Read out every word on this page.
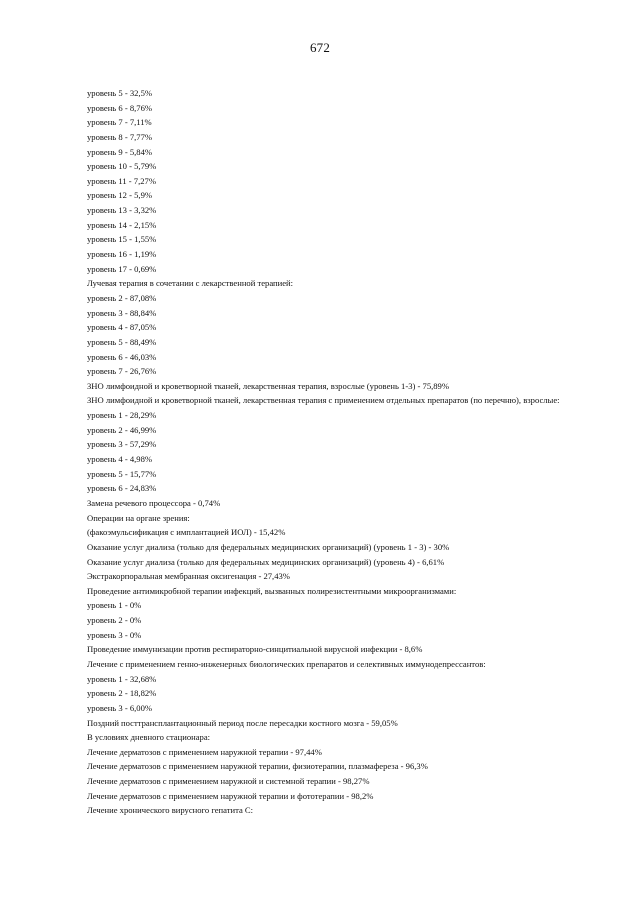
672
уровень 5 - 32,5%
уровень 6 - 8,76%
уровень 7 - 7,11%
уровень 8 - 7,77%
уровень 9 - 5,84%
уровень 10 - 5,79%
уровень 11 - 7,27%
уровень 12 - 5,9%
уровень 13 - 3,32%
уровень 14 - 2,15%
уровень 15 - 1,55%
уровень 16 - 1,19%
уровень 17 - 0,69%
Лучевая терапия в сочетании с лекарственной терапией:
уровень 2 - 87,08%
уровень 3 - 88,84%
уровень 4 - 87,05%
уровень 5 - 88,49%
уровень 6 - 46,03%
уровень 7 - 26,76%
ЗНО лимфоидной и кроветворной тканей, лекарственная терапия, взрослые (уровень 1-3) - 75,89%
ЗНО лимфоидной и кроветворной тканей, лекарственная терапия с применением отдельных препаратов (по перечню), взрослые:
уровень 1 - 28,29%
уровень 2 - 46,99%
уровень 3 - 57,29%
уровень 4 - 4,98%
уровень 5 - 15,77%
уровень 6 - 24,83%
Замена речевого процессора - 0,74%
Операции на органе зрения:
(факоэмульсификация с имплантацией ИОЛ) - 15,42%
Оказание услуг диализа (только для федеральных медицинских организаций) (уровень 1 - 3) - 30%
Оказание услуг диализа (только для федеральных медицинских организаций) (уровень 4) - 6,61%
Экстракорпоральная мембранная оксигенация - 27,43%
Проведение антимикробной терапии инфекций, вызванных полирезистентными микроорганизмами:
уровень 1 - 0%
уровень 2 - 0%
уровень 3 - 0%
Проведение иммунизации против респираторно-синцитиальной вирусной инфекции - 8,6%
Лечение с применением генно-инженерных биологических препаратов и селективных иммунодепрессантов:
уровень 1 - 32,68%
уровень 2 - 18,82%
уровень 3 - 6,00%
Поздний посттрансплантационный период после пересадки костного мозга - 59,05%
В условиях дневного стационара:
Лечение дерматозов с применением наружной терапии - 97,44%
Лечение дерматозов с применением наружной терапии, физиотерапии, плазмафереза - 96,3%
Лечение дерматозов с применением наружной и системной терапии - 98,27%
Лечение дерматозов с применением наружной терапии и фототерапии - 98,2%
Лечение хронического вирусного гепатита С:
